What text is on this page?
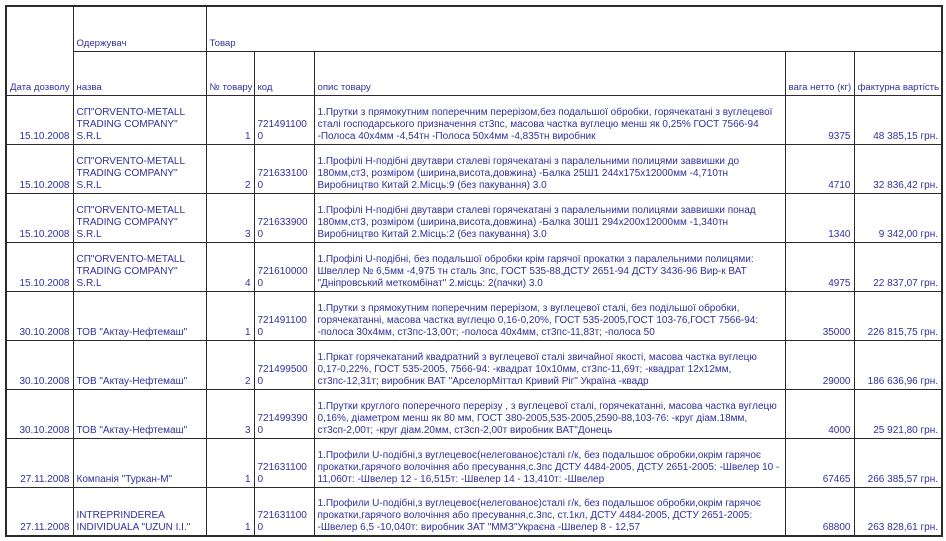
Дата дозволу	Одержувач	Товар				
	назва	№ товару	код	опис товару	вага нетто (кг)	фактурна вартість
15.10.2008	СП"ORVENTO-METALL TRADING COMPANY" S.R.L	1	7214911000	1.Прутки з прямокутним поперечним перерізом,без подальшої обробки, горячекатані з вуглецевої сталі господарського призначення ст3пс, масова частка вуглецю менш як 0,25% ГОСТ 7566-94 -Полоса 40x4мм -4,54тн -Полоса 50x4мм -4,835тн виробник	9375	48 385,15 грн.
15.10.2008	СП"ORVENTO-METALL TRADING COMPANY" S.R.L	2	7216331000	1.Профілі Н-подібні двутаври сталеві горячекатані з паралельними полицями заввишки до 180мм,ст3, розміром (ширина,висота,довжина) -Балка 25Ш1 244x175x12000мм -4,710тн Виробництво Китай 2.Місць:9 (без пакування) 3.0	4710	32 836,42 грн.
15.10.2008	СП"ORVENTO-METALL TRADING COMPANY" S.R.L	3	7216339000	1.Профілі Н-подібні двутаври сталеві горячекатані з паралельними полицями заввишки понад 180мм,ст3, розміром (ширина,висота,довжина) -Балка 30Ш1 294x200x12000мм -1,340тн Виробництво Китай 2.Місць:2 (без пакування) 3.0	1340	9 342,00 грн.
15.10.2008	СП"ORVENTO-METALL TRADING COMPANY" S.R.L	4	7216100000	1.Профілі U-подібні, без подальшої обробки крім гарячої прокатки з паралельними полицями: Швеллер № 6,5мм -4,975 тн сталь 3пс, ГОСТ 535-88,ДСТУ 2651-94 ДСТУ 3436-96 Вир-к ВАТ "Дніпровський меткомбінат" 2.місць: 2(пачки) 3.0	4975	22 837,07 грн.
30.10.2008	ТОВ "Актау-Нефтемаш"	1	7214911000	1.Прутки з прямокутним поперечним перерізом, з вуглецевої сталі, без подільшої обробки, горячекатанні, масова частка вуглецю 0,16-0,20%, ГОСТ 535-2005,ГОСТ 103-76,ГОСТ 7566-94: -полоса 30x4мм, ст3пс-13,00т; -полоса 40x4мм, ст3пс-11,83т; -полоса 50	35000	226 815,75 грн.
30.10.2008	ТОВ "Актау-Нефтемаш"	2	7214995000	1.Пркат горячекатаний квадратний з вуглецевої сталі звичайної якості, масова частка вуглецю 0,17-0,22%, ГОСТ 535-2005, 7566-94: -квадрат 10x10мм, ст3пс-11,69т; -квадрат 12x12мм, ст3пс-12,31т; виробник ВАТ "АрселорМіттал Кривий Ріг" Україна -квадр	29000	186 636,96 грн.
30.10.2008	ТОВ "Актау-Нефтемаш"	3	7214993900	1.Прутки круглого поперечного перерізу , з вуглецевої сталі, горячекатанні, масова частка вуглецю 0,16%, діаметром менш як 80 мм, ГОСТ 380-2005,535-2005,2590-88,103-76: -круг діам.18мм, ст3сп-2,00т; -круг діам.20мм, ст3сп-2,00т виробник ВАТ"Донець	4000	25 921,80 грн.
27.11.2008	Компанія "Туркан-М"	1	7216311000	1.Профили U-подібні,з вуглецевоє(нелегованоє)сталі г/к, без подальшоє обробки,окрім гарячоє прокатки,гарячого волочіння або пресування,с.3пс ДСТУ 4484-2005, ДСТУ 2651-2005: -Швелер 10 - 11,060т: -Швелер 12 - 16,515т: -Швелер 14 - 13,410т: -Швелер	67465	266 385,57 грн.
27.11.2008	INTREPRINDEREA INDIVIDUALA "UZUN I.I."	1	7216311000	1.Профили U-подібні,з вуглецевоє(нелегованоє)сталі г/к, без подальшоє обробки,окрім гарячоє прокатки,гарячого волочіння або пресування,с.3пс, ст.1кл, ДСТУ 4484-2005, ДСТУ 2651-2005: -Швелер 6,5 -10,040т: виробник ЗАТ "ММЗ"Украєна -Швелер 8 - 12,57	68800	263 828,61 грн.
